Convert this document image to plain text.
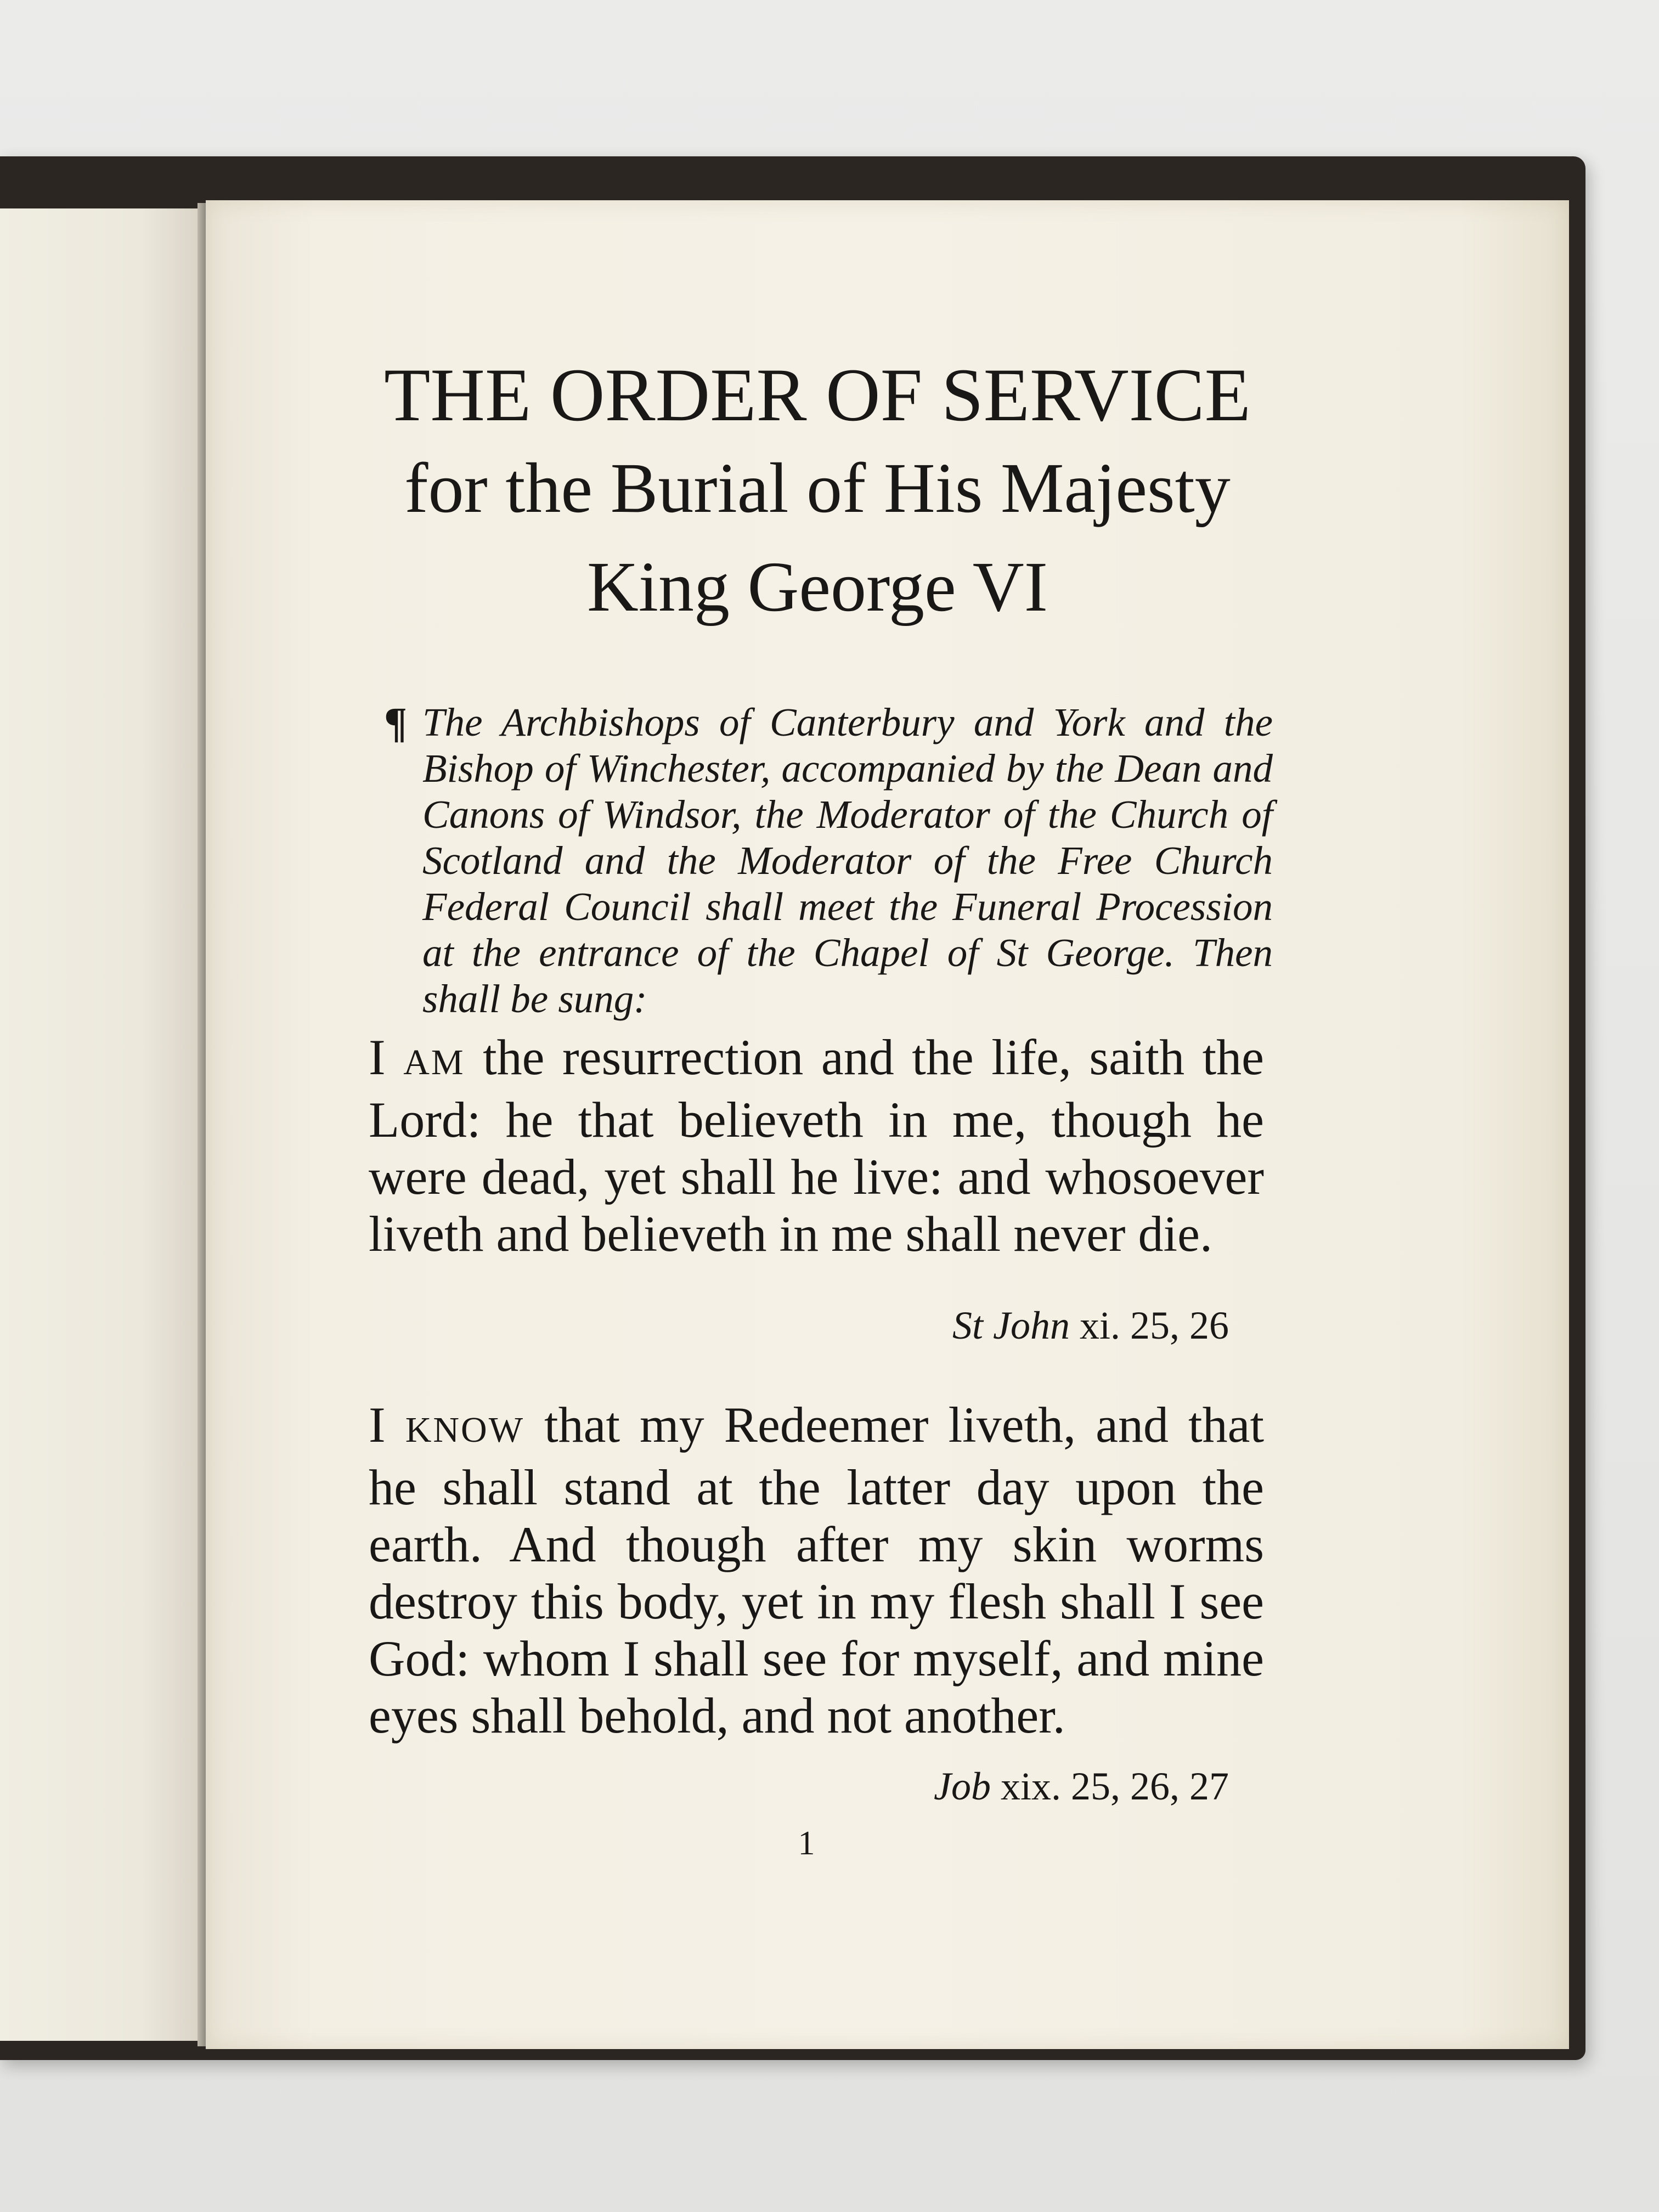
THE ORDER OF SERVICE
for the Burial of His Majesty
King George VI
¶ The Archbishops of Canterbury and York and the Bishop of Winchester, accompanied by the Dean and Canons of Windsor, the Moderator of the Church of Scotland and the Moderator of the Free Church Federal Council shall meet the Funeral Procession at the entrance of the Chapel of St George. Then shall be sung:

I AM the resurrection and the life, saith the Lord: he that believeth in me, though he were dead, yet shall he live: and whosoever liveth and believeth in me shall never die.

St John xi. 25, 26

I KNOW that my Redeemer liveth, and that he shall stand at the latter day upon the earth. And though after my skin worms destroy this body, yet in my flesh shall I see God: whom I shall see for myself, and mine eyes shall behold, and not another.

Job xix. 25, 26, 27

1
